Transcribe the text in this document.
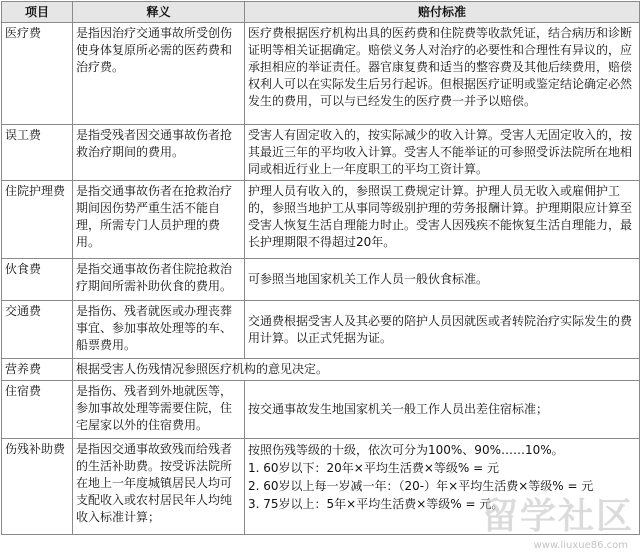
项目	释义	赔付标准
医疗费	是指因治疗交通事故所受创伤使身体复原所必需的医药费和治疗费。	医疗费根据医疗机构出具的医药费和住院费等收款凭证，结合病历和诊断证明等相关证据确定。赔偿义务人对治疗的必要性和合理性有异议的，应承担相应的举证责任。器官康复费和适当的整容费及其他后续费用，赔偿权利人可以在实际发生后另行起诉。但根据医疗证明或鉴定结论确定必然发生的费用，可以与已经发生的医疗费一并予以赔偿。
误工费	是指受残者因交通事故伤者抢救治疗期间的费用。	受害人有固定收入的，按实际减少的收入计算。受害人无固定收入的，按其最近三年的平均收入计算。受害人不能举证的可参照受诉法院所在地相同或相近行业上一年度职工的平均工资计算。
住院护理费	是指交通事故伤者在抢救治疗期间因伤势严重生活不能自理，所需专门人员护理的费用。	护理人员有收入的，参照误工费规定计算。护理人员无收入或雇佣护工的，参照当地护工从事同等级别护理的劳务报酬计算。护理期限应计算至受害人恢复生活自理能力时止。受害人因残疾不能恢复生活自理能力，最长护理期限不得超过20年。
伙食费	是指交通事故伤者住院抢救治疗期间所需补助伙食的费用。	可参照当地国家机关工作人员一般伙食标准。
交通费	是指伤、残者就医或办理丧葬事宜、参加事故处理等的车、船票费用。	交通费根据受害人及其必要的陪护人员因就医或者转院治疗实际发生的费用计算。以正式凭据为证。
营养费	根据受害人伤残情况参照医疗机构的意见决定。	
住宿费	是指伤、残者到外地就医等，参加事故处理等需要住院，住宅屋家以外的住宿费用。	按交通事故发生地国家机关一般工作人员出差住宿标准；
伤残补助费	是指因交通事故致残而给残者的生活补助费。按受诉法院所在地上一年度城镇居民人均可支配收入或农村居民年人均纯收入标准计算；	按照伤残等级的十级，依次可分为100%、90%……10%。
1. 60岁以下：20年×平均生活费×等级% = 元
2. 60岁以上每一岁减一年：（20-）年×平均生活费×等级% = 元
3. 75岁以上：5年×平均生活费×等级% = 元。
留学社区
www.liuxue86.com
